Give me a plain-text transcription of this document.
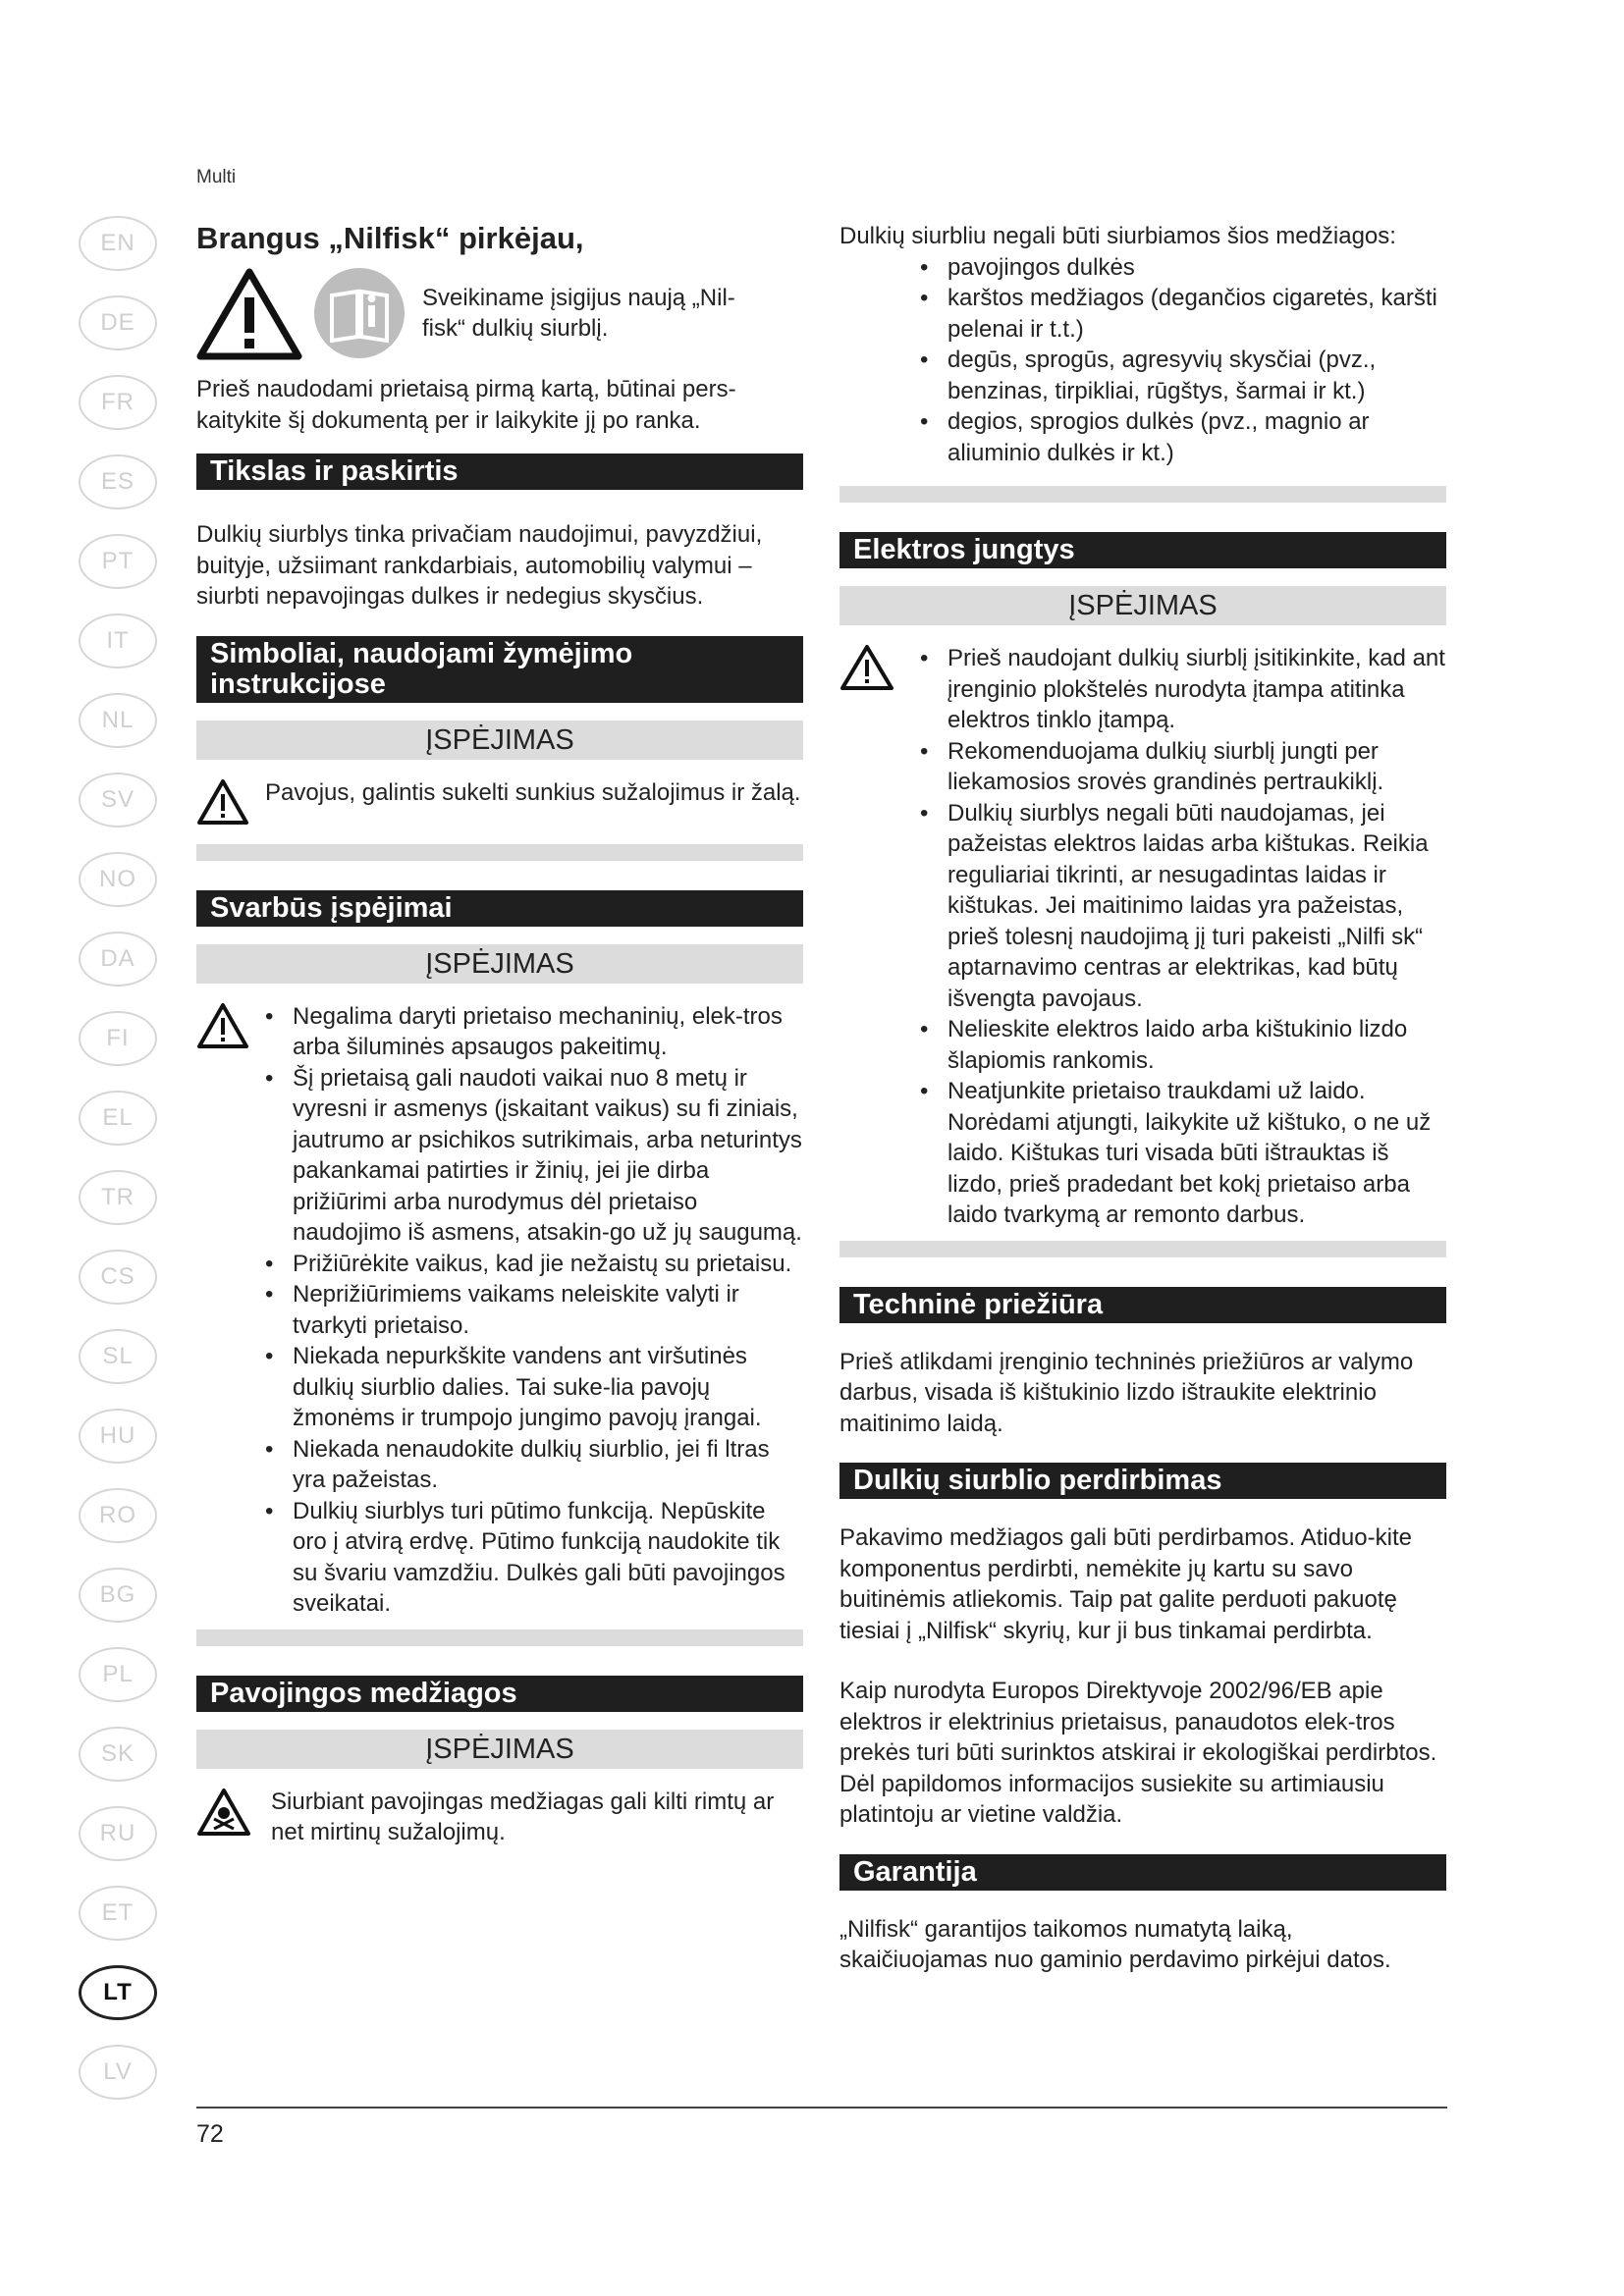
Multi
EN
DE
FR
ES
PT
IT
NL
SV
NO
DA
FI
EL
TR
CS
SL
HU
RO
BG
PL
SK
RU
ET
LT
LV
Brangus „Nilfisk“ pirkėjau,

Sveikiname įsigijus naują „Nil-fisk“ dulkių siurblį.

Prieš naudodami prietaisą pirmą kartą, būtinai pers-kaitykite šį dokumentą per ir laikykite jį po ranka.

Tikslas ir paskirtis

Dulkių siurblys tinka privačiam naudojimui, pavyzdžiui, buityje, užsiimant rankdarbiais, automobilių valymui – siurbti nepavojingas dulkes ir nedegius skysčius.

Simboliai, naudojami žymėjimo instrukcijose
ĮSPĖJIMAS

Pavojus, galintis sukelti sunkius sužalojimus ir žalą.

Svarbūs įspėjimai
ĮSPĖJIMAS
• Negalima daryti prietaiso mechaninių, elek-tros arba šiluminės apsaugos pakeitimų.
• Šį prietaisą gali naudoti vaikai nuo 8 metų ir vyresni ir asmenys (įskaitant vaikus) su fi ziniais, jautrumo ar psichikos sutrikimais, arba neturintys pakankamai patirties ir žinių, jei jie dirba prižiūrimi arba nurodymus dėl prietaiso naudojimo iš asmens, atsakin-go už jų saugumą.
• Prižiūrėkite vaikus, kad jie nežaistų su prietaisu.
• Neprižiūrimiems vaikams neleiskite valyti ir tvarkyti prietaiso.
• Niekada nepurkškite vandens ant viršutinės dulkių siurblio dalies. Tai suke-lia pavojų žmonėms ir trumpojo jungimo pavojų įrangai.
• Niekada nenaudokite dulkių siurblio, jei fi ltras yra pažeistas.
• Dulkių siurblys turi pūtimo funkciją. Nepūskite oro į atvirą erdvę. Pūtimo funkciją naudokite tik su švariu vamzdžiu. Dulkės gali būti pavojingos sveikatai.
Pavojingos medžiagos
ĮSPĖJIMAS

Siurbiant pavojingas medžiagas gali kilti rimtų ar net mirtinų sužalojimų.

Dulkių siurbliu negali būti siurbiamos šios medžiagos:

• pavojingos dulkės
• karštos medžiagos (degančios cigaretės, karšti pelenai ir t.t.)
• degūs, sprogūs, agresyvių skysčiai (pvz., benzinas, tirpikliai, rūgštys, šarmai ir kt.)
• degios, sprogios dulkės (pvz., magnio ar aliuminio dulkės ir kt.)
Elektros jungtys
ĮSPĖJIMAS
• Prieš naudojant dulkių siurblį įsitikinkite, kad ant įrenginio plokštelės nurodyta įtampa atitinka elektros tinklo įtampą.
• Rekomenduojama dulkių siurblį jungti per liekamosios srovės grandinės pertraukiklį.
• Dulkių siurblys negali būti naudojamas, jei pažeistas elektros laidas arba kištukas. Reikia reguliariai tikrinti, ar nesugadintas laidas ir kištukas. Jei maitinimo laidas yra pažeistas, prieš tolesnį naudojimą jį turi pakeisti „Nilfi sk“ aptarnavimo centras ar elektrikas, kad būtų išvengta pavojaus.
• Nelieskite elektros laido arba kištukinio lizdo šlapiomis rankomis.
• Neatjunkite prietaiso traukdami už laido. Norėdami atjungti, laikykite už kištuko, o ne už laido. Kištukas turi visada būti ištrauktas iš lizdo, prieš pradedant bet kokį prietaiso arba laido tvarkymą ar remonto darbus.
Techninė priežiūra

Prieš atlikdami įrenginio techninės priežiūros ar valymo darbus, visada iš kištukinio lizdo ištraukite elektrinio maitinimo laidą.

Dulkių siurblio perdirbimas

Pakavimo medžiagos gali būti perdirbamos. Atiduo-kite komponentus perdirbti, nemėkite jų kartu su savo buitinėmis atliekomis. Taip pat galite perduoti pakuotę tiesiai į „Nilfisk“ skyrių, kur ji bus tinkamai perdirbta.

Kaip nurodyta Europos Direktyvoje 2002/96/EB apie elektros ir elektrinius prietaisus, panaudotos elek-tros prekės turi būti surinktos atskirai ir ekologiškai perdirbtos. Dėl papildomos informacijos susiekite su artimiausiu platintoju ar vietine valdžia.

Garantija

„Nilfisk“ garantijos taikomos numatytą laiką, skaičiuojamas nuo gaminio perdavimo pirkėjui datos.

72
